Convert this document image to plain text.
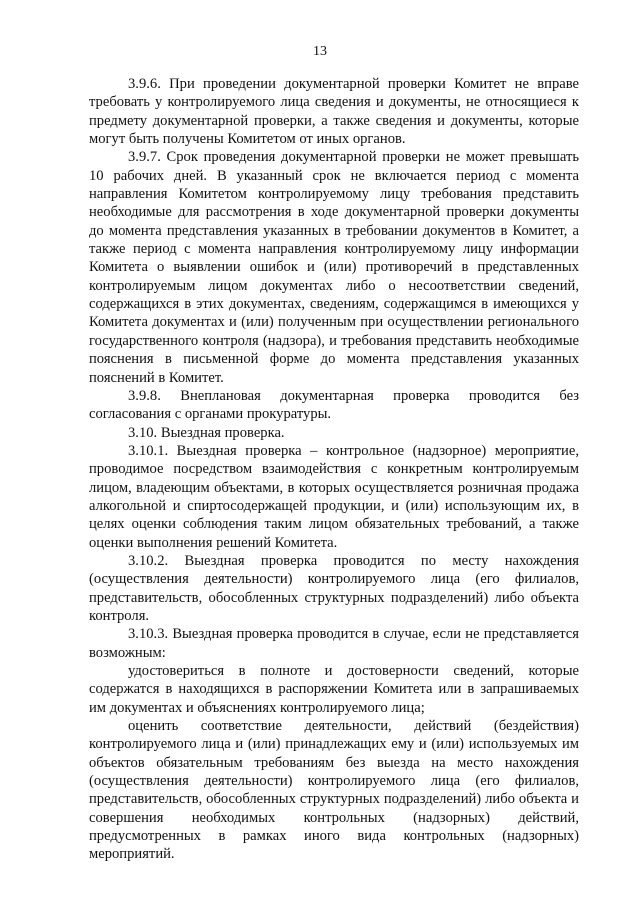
13

3.9.6. При проведении документарной проверки Комитет не вправе требовать у контролируемого лица сведения и документы, не относящиеся к предмету документарной проверки, а также сведения и документы, которые могут быть получены Комитетом от иных органов.

3.9.7. Срок проведения документарной проверки не может превышать 10 рабочих дней. В указанный срок не включается период с момента направления Комитетом контролируемому лицу требования представить необходимые для рассмотрения в ходе документарной проверки документы до момента представления указанных в требовании документов в Комитет, а также период с момента направления контролируемому лицу информации Комитета о выявлении ошибок и (или) противоречий в представленных контролируемым лицом документах либо о несоответствии сведений, содержащихся в этих документах, сведениям, содержащимся в имеющихся у Комитета документах и (или) полученным при осуществлении регионального государственного контроля (надзора), и требования представить необходимые пояснения в письменной форме до момента представления указанных пояснений в Комитет.

3.9.8. Внеплановая документарная проверка проводится без согласования с органами прокуратуры.

3.10. Выездная проверка.

3.10.1. Выездная проверка – контрольное (надзорное) мероприятие, проводимое посредством взаимодействия с конкретным контролируемым лицом, владеющим объектами, в которых осуществляется розничная продажа алкогольной и спиртосодержащей продукции, и (или) использующим их, в целях оценки соблюдения таким лицом обязательных требований, а также оценки выполнения решений Комитета.

3.10.2. Выездная проверка проводится по месту нахождения (осуществления деятельности) контролируемого лица (его филиалов, представительств, обособленных структурных подразделений) либо объекта контроля.

3.10.3. Выездная проверка проводится в случае, если не представляется возможным:

удостовериться в полноте и достоверности сведений, которые содержатся в находящихся в распоряжении Комитета или в запрашиваемых им документах и объяснениях контролируемого лица;

оценить соответствие деятельности, действий (бездействия) контролируемого лица и (или) принадлежащих ему и (или) используемых им объектов обязательным требованиям без выезда на место нахождения (осуществления деятельности) контролируемого лица (его филиалов, представительств, обособленных структурных подразделений) либо объекта и совершения необходимых контрольных (надзорных) действий, предусмотренных в рамках иного вида контрольных (надзорных) мероприятий.
